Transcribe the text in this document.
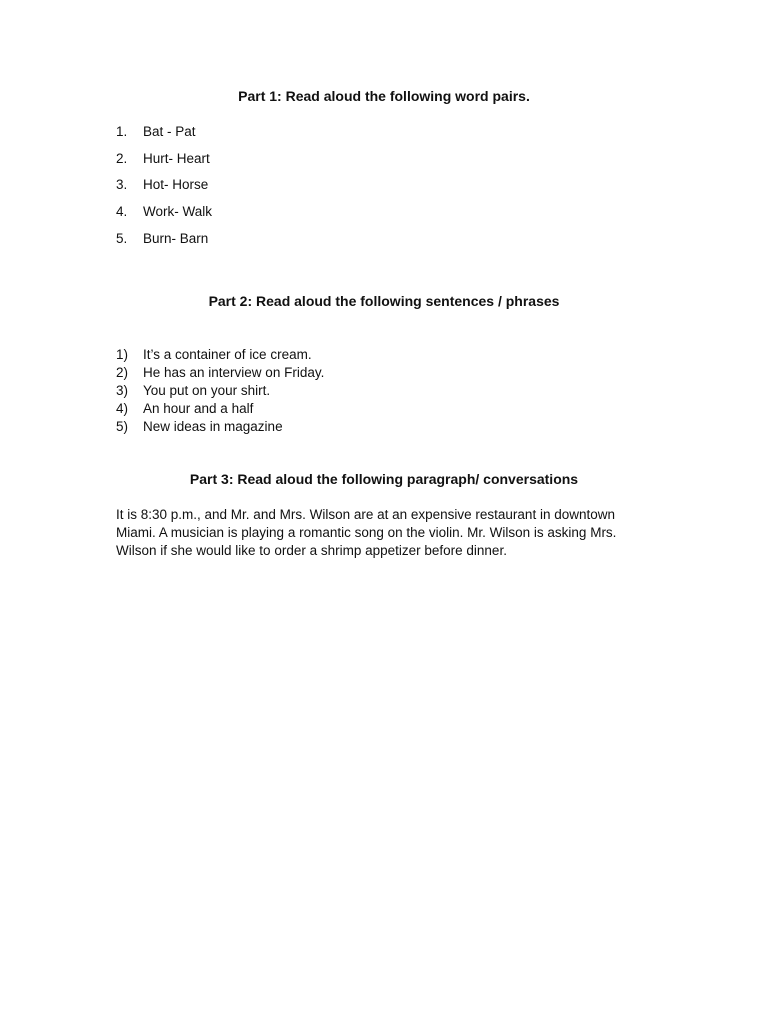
Part 1: Read aloud the following word pairs.
1. Bat - Pat
2. Hurt- Heart
3. Hot- Horse
4. Work- Walk
5. Burn- Barn
Part 2: Read aloud the following sentences / phrases
1) It’s a container of ice cream.
2) He has an interview on Friday.
3) You put on your shirt.
4) An hour and a half
5) New ideas in magazine
Part 3: Read aloud the following paragraph/ conversations

It is 8:30 p.m., and Mr. and Mrs. Wilson are at an expensive restaurant in downtown Miami. A musician is playing a romantic song on the violin. Mr. Wilson is asking Mrs. Wilson if she would like to order a shrimp appetizer before dinner.
